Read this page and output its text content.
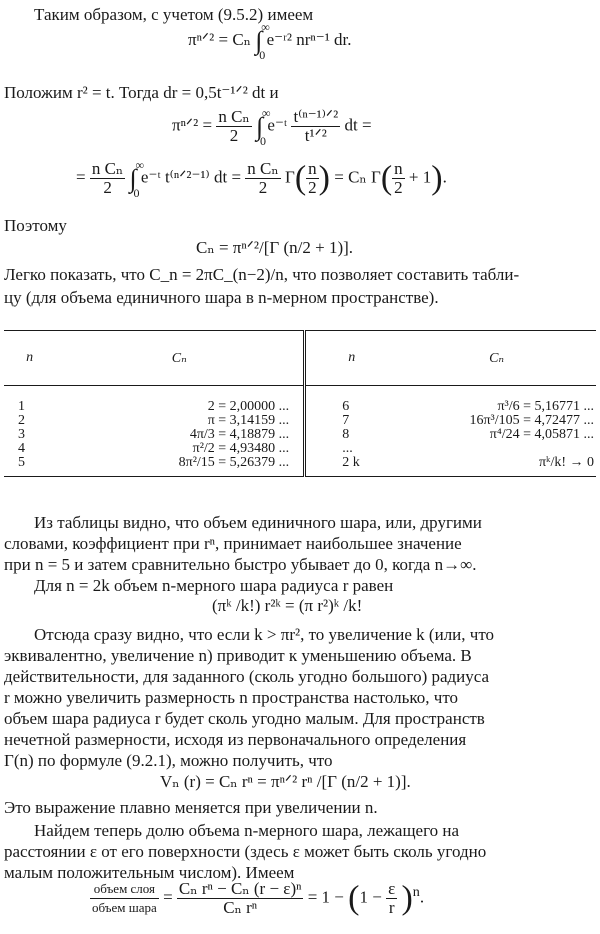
Таким образом, с учетом (9.5.2) имеем
πⁿᐟ² = Cₙ ∫
∞
0
e⁻ʳ² nrⁿ⁻¹ dr.
Положим r² = t. Тогда dr = 0,5t⁻¹ᐟ² dt и
πⁿᐟ² = $\frac{\text{n Cₙ}}{2}$ ∫
∞
0
e⁻ᵗ $\frac{\text{t⁽ⁿ⁻¹⁾ᐟ²}}{\text{t¹ᐟ²}}$ dt =
= $\frac{\text{n Cₙ}}{2}$ ∫
∞
0
e⁻ᵗ t⁽ⁿᐟ²⁻¹⁾ dt = $\frac{\text{n Cₙ}}{2} \Gamma( \frac{n}{2}$ ) = Cₙ $\Gamma( \frac{n}{2} + 1)$.
Поэтому
Cₙ = πⁿᐟ²/[Γ (n/2 + 1)].
Легко показать, что C_n = 2πC_(n−2)/n, что позволяет составить табли-
цу (для объема единичного шара в n-мерном пространстве).
n	Cₙ	n	Cₙ

1	2 = 2,00000 ...	6	π³/6 = 5,16771 ...
2	π = 3,14159 ...	7	16π³/105 = 4,72477 ...
3	4π/3 = 4,18879 ...	8	π⁴/24 = 4,05871 ...
4	π²/2 = 4,93480 ...	...	
5	8π²/15 = 5,26379 ...	2 k	πᵏ/k! → 0

Из таблицы видно, что объем единичного шара, или, другими
словами, коэффициент при rⁿ, принимает наибольшее значение
при n = 5 и затем сравнительно быстро убывает до 0, когда n→∞.
Для n = 2k объем n-мерного шара радиуса r равен
(πᵏ /k!) r²ᵏ = (π r²)ᵏ /k!
Отсюда сразу видно, что если k > πr², то увеличение k (или, что
эквивалентно, увеличение n) приводит к уменьшению объема. В
действительности, для заданного (сколь угодно большого) радиуса
r можно увеличить размерность n пространства настолько, что
объем шара радиуса r будет сколь угодно малым. Для пространств
нечетной размерности, исходя из первоначального определения
Γ(n) по формуле (9.2.1), можно получить, что
Vₙ (r) = Cₙ rⁿ = πⁿᐟ² rⁿ /[Γ (n/2 + 1)].
Это выражение плавно меняется при увеличении n.
Найдем теперь долю объема n-мерного шара, лежащего на
расстоянии ε от его поверхности (здесь ε может быть сколь угодно
малым положительным числом). Имеем
$\frac{\text{объем слоя}}{\text{объем шара}} = \frac{\text{Cₙ rⁿ − Cₙ (r − ε)ⁿ}}{\text{Cₙ rⁿ}} = 1 - (1 - \frac{\varepsilon}{r} )^n$.
